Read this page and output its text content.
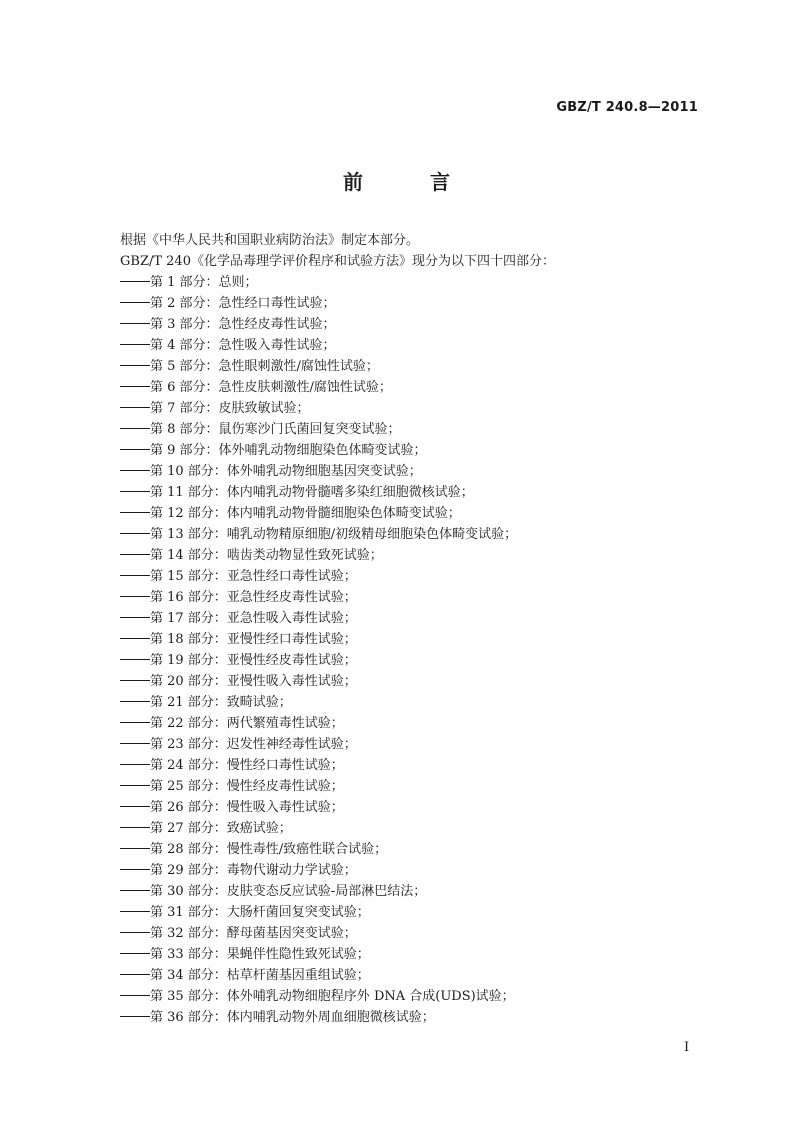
GBZ/T 240.8—2011
前 言

根据《中华人民共和国职业病防治法》制定本部分。

GBZ/T 240《化学品毒理学评价程序和试验方法》现分为以下四十四部分：

第 1 部分：总则；
第 2 部分：急性经口毒性试验；
第 3 部分：急性经皮毒性试验；
第 4 部分：急性吸入毒性试验；
第 5 部分：急性眼刺激性/腐蚀性试验；
第 6 部分：急性皮肤刺激性/腐蚀性试验；
第 7 部分：皮肤致敏试验；
第 8 部分：鼠伤寒沙门氏菌回复突变试验；
第 9 部分：体外哺乳动物细胞染色体畸变试验；
第 10 部分：体外哺乳动物细胞基因突变试验；
第 11 部分：体内哺乳动物骨髓嗜多染红细胞微核试验；
第 12 部分：体内哺乳动物骨髓细胞染色体畸变试验；
第 13 部分：哺乳动物精原细胞/初级精母细胞染色体畸变试验；
第 14 部分：啮齿类动物显性致死试验；
第 15 部分：亚急性经口毒性试验；
第 16 部分：亚急性经皮毒性试验；
第 17 部分：亚急性吸入毒性试验；
第 18 部分：亚慢性经口毒性试验；
第 19 部分：亚慢性经皮毒性试验；
第 20 部分：亚慢性吸入毒性试验；
第 21 部分：致畸试验；
第 22 部分：两代繁殖毒性试验；
第 23 部分：迟发性神经毒性试验；
第 24 部分：慢性经口毒性试验；
第 25 部分：慢性经皮毒性试验；
第 26 部分：慢性吸入毒性试验；
第 27 部分：致癌试验；
第 28 部分：慢性毒性/致癌性联合试验；
第 29 部分：毒物代谢动力学试验；
第 30 部分：皮肤变态反应试验-局部淋巴结法；
第 31 部分：大肠杆菌回复突变试验；
第 32 部分：酵母菌基因突变试验；
第 33 部分：果蝇伴性隐性致死试验；
第 34 部分：枯草杆菌基因重组试验；
第 35 部分：体外哺乳动物细胞程序外 DNA 合成(UDS)试验；
第 36 部分：体内哺乳动物外周血细胞微核试验；
I
